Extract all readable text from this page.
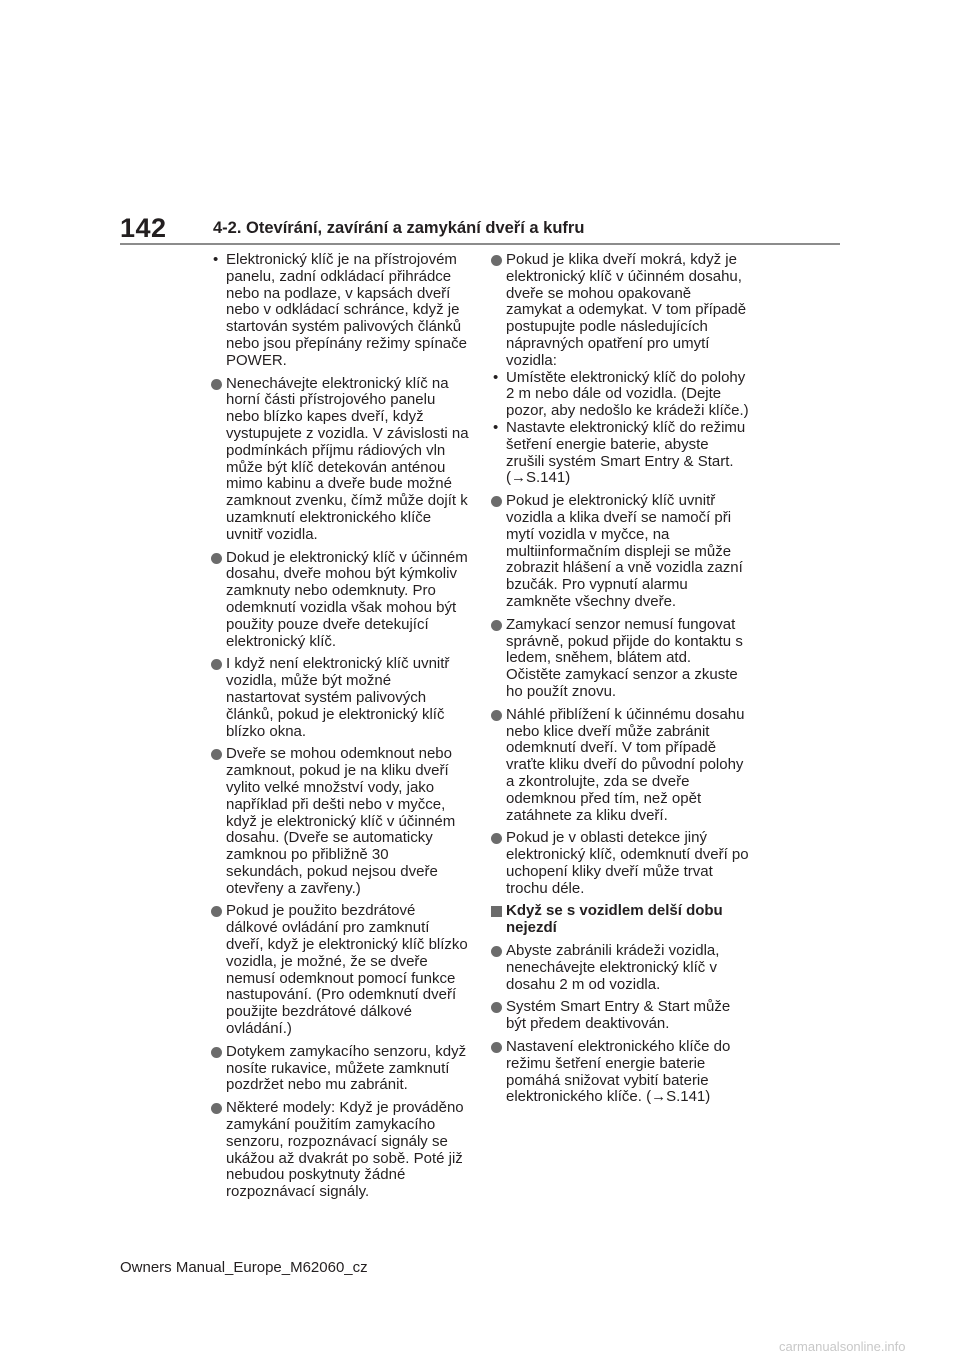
142	4-2. Otevírání, zavírání a zamykání dveří a kufru
• Elektronický klíč je na přístrojovém panelu, zadní odkládací přihrádce nebo na podlaze, v kapsách dveří nebo v odkládací schránce, když je startován systém palivových článků nebo jsou přepínány režimy spínače POWER.
Nenechávejte elektronický klíč na horní části přístrojového panelu nebo blízko kapes dveří, když vystupujete z vozidla. V závislosti na podmínkách příjmu rádiových vln může být klíč detekován anténou mimo kabinu a dveře bude možné zamknout zvenku, čímž může dojít k uzamknutí elektronického klíče uvnitř vozidla.
Dokud je elektronický klíč v účinném dosahu, dveře mohou být kýmkoliv zamknuty nebo odemknuty. Pro odemknutí vozidla však mohou být použity pouze dveře detekující elektronický klíč.
I když není elektronický klíč uvnitř vozidla, může být možné nastartovat systém palivových článků, pokud je elektronický klíč blízko okna.
Dveře se mohou odemknout nebo zamknout, pokud je na kliku dveří vylito velké množství vody, jako například při dešti nebo v myčce, když je elektronický klíč v účinném dosahu. (Dveře se automaticky zamknou po přibližně 30 sekundách, pokud nejsou dveře otevřeny a zavřeny.)
Pokud je použito bezdrátové dálkové ovládání pro zamknutí dveří, když je elektronický klíč blízko vozidla, je možné, že se dveře nemusí odemknout pomocí funkce nastupování. (Pro odemknutí dveří použijte bezdrátové dálkové ovládání.)
Dotykem zamykacího senzoru, když nosíte rukavice, můžete zamknutí pozdržet nebo mu zabránit.
Některé modely: Když je prováděno zamykání použitím zamykacího senzoru, rozpoznávací signály se ukážou až dvakrát po sobě. Poté již nebudou poskytnuty žádné rozpoznávací signály.
Pokud je klika dveří mokrá, když je elektronický klíč v účinném dosahu, dveře se mohou opakovaně zamykat a odemykat. V tom případě postupujte podle následujících nápravných opatření pro umytí vozidla:
• Umístěte elektronický klíč do polohy 2 m nebo dále od vozidla. (Dejte pozor, aby nedošlo ke krádeži klíče.)
• Nastavte elektronický klíč do režimu šetření energie baterie, abyste zrušili systém Smart Entry & Start. (→S.141)
Pokud je elektronický klíč uvnitř vozidla a klika dveří se namočí při mytí vozidla v myčce, na multiinformačním displeji se může zobrazit hlášení a vně vozidla zazní bzučák. Pro vypnutí alarmu zamkněte všechny dveře.
Zamykací senzor nemusí fungovat správně, pokud přijde do kontaktu s ledem, sněhem, blátem atd. Očistěte zamykací senzor a zkuste ho použít znovu.
Náhlé přiblížení k účinnému dosahu nebo klice dveří může zabránit odemknutí dveří. V tom případě vraťte kliku dveří do původní polohy a zkontrolujte, zda se dveře odemknou před tím, než opět zatáhnete za kliku dveří.
Pokud je v oblasti detekce jiný elektronický klíč, odemknutí dveří po uchopení kliky dveří může trvat trochu déle.
Když se s vozidlem delší dobu nejezdí
Abyste zabránili krádeži vozidla, nenechávejte elektronický klíč v dosahu 2 m od vozidla.
Systém Smart Entry & Start může být předem deaktivován.
Nastavení elektronického klíče do režimu šetření energie baterie pomáhá snižovat vybití baterie elektronického klíče. (→S.141)
Owners Manual_Europe_M62060_cz
carmanualsonline.info
